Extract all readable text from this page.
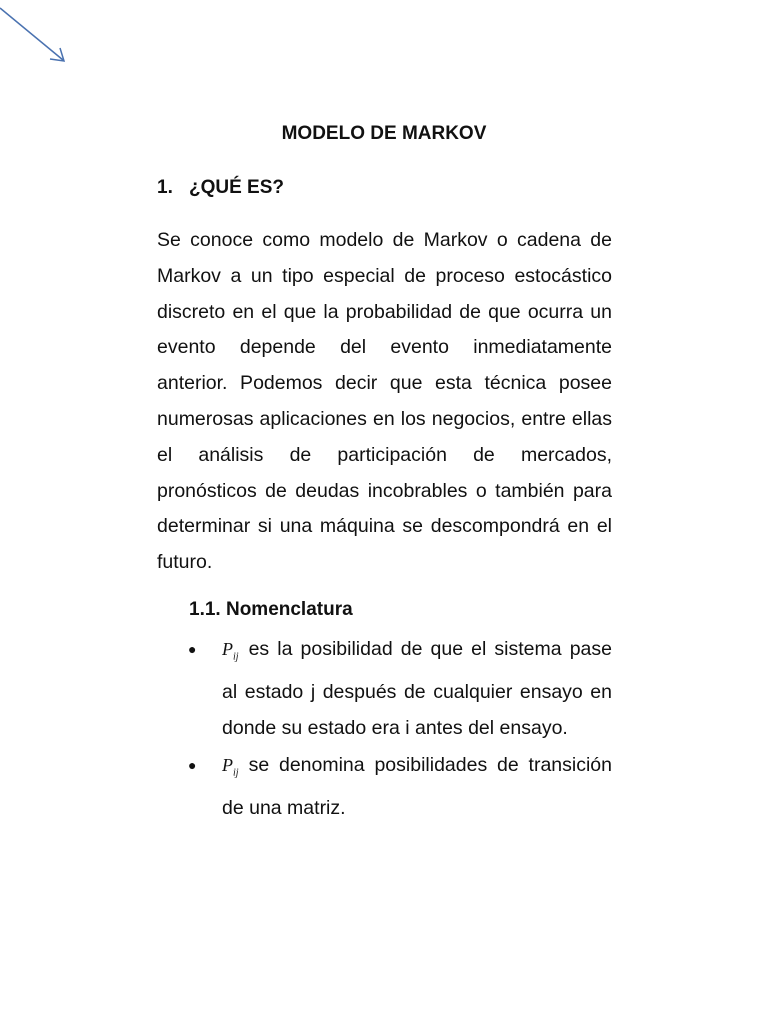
MODELO DE MARKOV
1. ¿QUÉ ES?

Se conoce como modelo de Markov o cadena de Markov a un tipo especial de proceso estocástico discreto en el que la probabilidad de que ocurra un evento depende del evento inmediatamente anterior. Podemos decir que esta técnica posee numerosas aplicaciones en los negocios, entre ellas el análisis de participación de mercados, pronósticos de deudas incobrables o también para determinar si una máquina se descompondrá en el futuro.

1.1. Nomenclatura
● $P_{ij}$ es la posibilidad de que el sistema pase al estado j después de cualquier ensayo en donde su estado era i antes del ensayo.
● $P_{ij}$ se denomina posibilidades de transición de una matriz.
